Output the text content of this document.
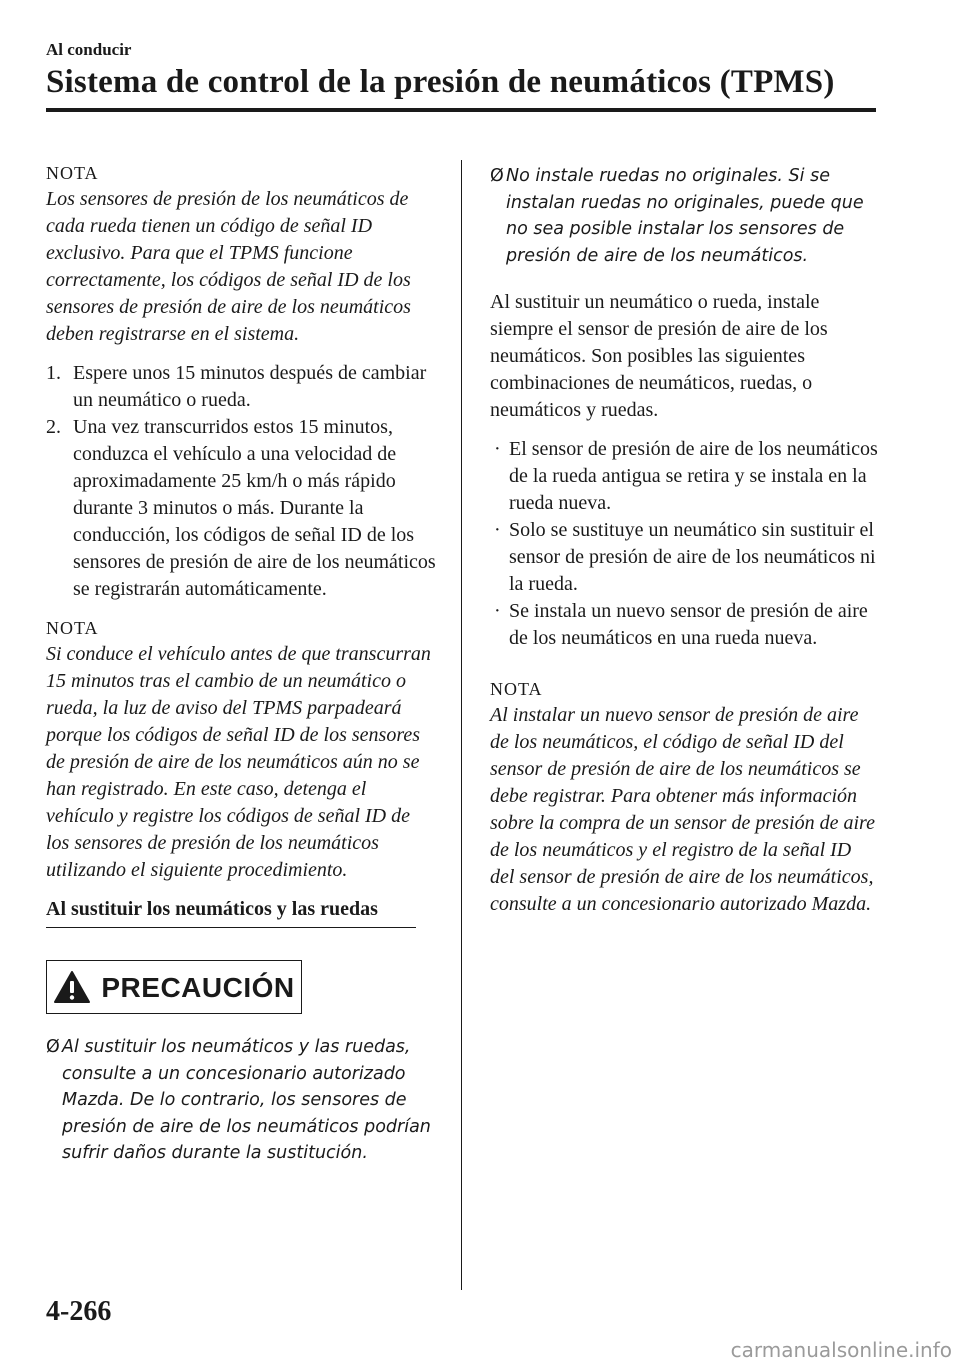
Al conducir
Sistema de control de la presión de neumáticos (TPMS)
NOTA

Los sensores de presión de los neumáticos de cada rueda tienen un código de señal ID exclusivo. Para que el TPMS funcione correctamente, los códigos de señal ID de los sensores de presión de aire de los neumáticos deben registrarse en el sistema.

1. Espere unos 15 minutos después de cambiar un neumático o rueda.
2. Una vez transcurridos estos 15 minutos, conduzca el vehículo a una velocidad de aproximadamente 25 km/h o más rápido durante 3 minutos o más. Durante la conducción, los códigos de señal ID de los sensores de presión de aire de los neumáticos se registrarán automáticamente.
NOTA

Si conduce el vehículo antes de que transcurran 15 minutos tras el cambio de un neumático o rueda, la luz de aviso del TPMS parpadeará porque los códigos de señal ID de los sensores de presión de aire de los neumáticos aún no se han registrado. En este caso, detenga el vehículo y registre los códigos de señal ID de los sensores de presión de los neumáticos utilizando el siguiente procedimiento.

Al sustituir los neumáticos y las ruedas
PRECAUCIÓN
Ø Al sustituir los neumáticos y las ruedas, consulte a un concesionario autorizado Mazda. De lo contrario, los sensores de presión de aire de los neumáticos podrían sufrir daños durante la sustitución.
Ø No instale ruedas no originales. Si se instalan ruedas no originales, puede que no sea posible instalar los sensores de presión de aire de los neumáticos.

Al sustituir un neumático o rueda, instale siempre el sensor de presión de aire de los neumáticos. Son posibles las siguientes combinaciones de neumáticos, ruedas, o neumáticos y ruedas.

· El sensor de presión de aire de los neumáticos de la rueda antigua se retira y se instala en la rueda nueva.
· Solo se sustituye un neumático sin sustituir el sensor de presión de aire de los neumáticos ni la rueda.
· Se instala un nuevo sensor de presión de aire de los neumáticos en una rueda nueva.
NOTA

Al instalar un nuevo sensor de presión de aire de los neumáticos, el código de señal ID del sensor de presión de aire de los neumáticos se debe registrar. Para obtener más información sobre la compra de un sensor de presión de aire de los neumáticos y el registro de la señal ID del sensor de presión de aire de los neumáticos, consulte a un concesionario autorizado Mazda.

4-266
carmanualsonline.info
